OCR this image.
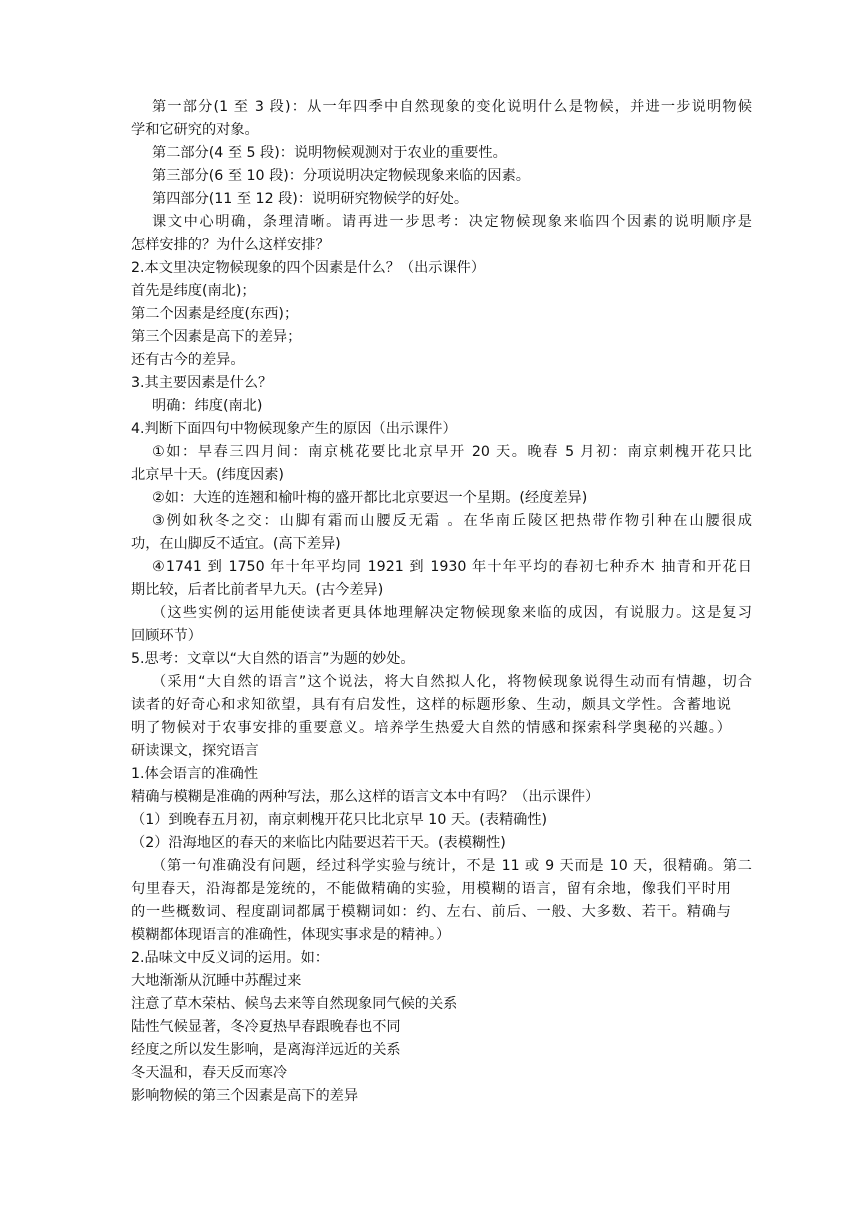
第一部分(1 至 3 段)：从一年四季中自然现象的变化说明什么是物候，并进一步说明物候
学和它研究的对象。
第二部分(4 至 5 段)：说明物候观测对于农业的重要性。
第三部分(6 至 10 段)：分项说明决定物候现象来临的因素。
第四部分(11 至 12 段)：说明研究物候学的好处。
课文中心明确，条理清晰。请再进一步思考：决定物候现象来临四个因素的说明顺序是
怎样安排的？为什么这样安排？
2.本文里决定物候现象的四个因素是什么？（出示课件）
首先是纬度(南北)；
第二个因素是经度(东西)；
第三个因素是高下的差异；
还有古今的差异。
3.其主要因素是什么？
明确：纬度(南北)
4.判断下面四句中物候现象产生的原因（出示课件）
①如：早春三四月间：南京桃花要比北京早开 20 天。晚春 5 月初：南京刺槐开花只比
北京早十天。(纬度因素)
②如：大连的连翘和榆叶梅的盛开都比北京要迟一个星期。(经度差异)
③例如秋冬之交：山脚有霜而山腰反无霜 。在华南丘陵区把热带作物引种在山腰很成
功，在山脚反不适宜。(高下差异)
④1741 到 1750 年十年平均同 1921 到 1930 年十年平均的春初七种乔木 抽青和开花日
期比较，后者比前者早九天。(古今差异)
（这些实例的运用能使读者更具体地理解决定物候现象来临的成因，有说服力。这是复习
回顾环节）
5.思考：文章以“大自然的语言”为题的妙处。
（采用“大自然的语言”这个说法，将大自然拟人化，将物候现象说得生动而有情趣，切合
读者的好奇心和求知欲望，具有有启发性，这样的标题形象、生动，颇具文学性。含蓄地说
明了物候对于农事安排的重要意义。培养学生热爱大自然的情感和探索科学奥秘的兴趣。）
研读课文，探究语言
1.体会语言的准确性
精确与模糊是准确的两种写法，那么这样的语言文本中有吗？（出示课件）
（1）到晚春五月初，南京刺槐开花只比北京早 10 天。(表精确性)
（2）沿海地区的春天的来临比内陆要迟若干天。(表模糊性)
（第一句准确没有问题，经过科学实验与统计，不是 11 或 9 天而是 10 天，很精确。第二
句里春天，沿海都是笼统的，不能做精确的实验，用模糊的语言，留有余地，像我们平时用
的一些概数词、程度副词都属于模糊词如：约、左右、前后、一般、大多数、若干。精确与
模糊都体现语言的准确性，体现实事求是的精神。）
2.品味文中反义词的运用。如：
大地渐渐从沉睡中苏醒过来
注意了草木荣枯、候鸟去来等自然现象同气候的关系
陆性气候显著，冬冷夏热早春跟晚春也不同
经度之所以发生影响，是离海洋远近的关系
冬天温和，春天反而寒冷
影响物候的第三个因素是高下的差异
